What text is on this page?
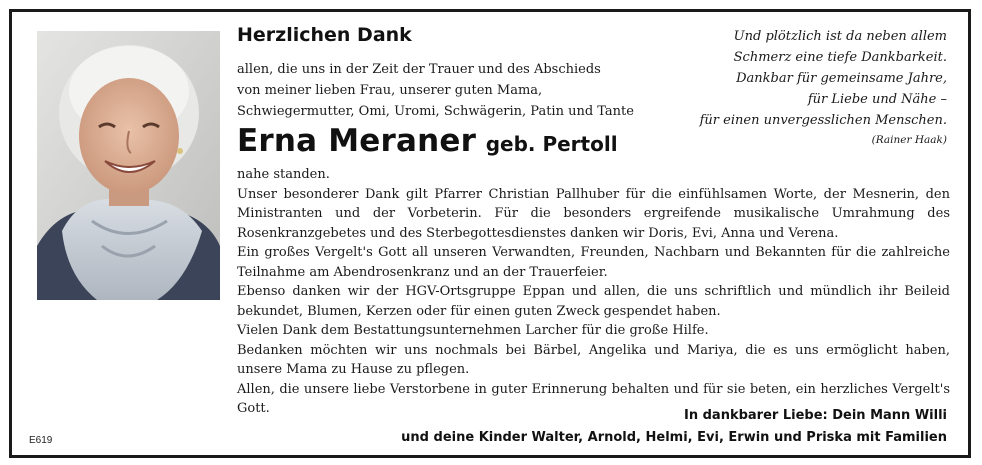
E619
Herzlichen Dank
allen, die uns in der Zeit der Trauer und des Abschieds
von meiner lieben Frau, unserer guten Mama,
Schwiegermutter, Omi, Uromi, Schwägerin, Patin und Tante
Erna Meraner geb. Pertoll
Und plötzlich ist da neben allem
Schmerz eine tiefe Dankbarkeit.
Dankbar für gemeinsame Jahre,
für Liebe und Nähe –
für einen unvergesslichen Menschen.
(Rainer Haak)

nahe standen.

Unser besonderer Dank gilt Pfarrer Christian Pallhuber für die einfühlsamen Worte, der Mesnerin, den Ministranten und der Vorbeterin. Für die besonders ergreifende musikalische Umrahmung des Rosenkranzgebetes und des Sterbegottesdienstes danken wir Doris, Evi, Anna und Verena.

Ein großes Vergelt's Gott all unseren Verwandten, Freunden, Nachbarn und Bekannten für die zahlreiche Teilnahme am Abendrosenkranz und an der Trauerfeier.

Ebenso danken wir der HGV-Ortsgruppe Eppan und allen, die uns schriftlich und mündlich ihr Beileid bekundet, Blumen, Kerzen oder für einen guten Zweck gespendet haben.

Vielen Dank dem Bestattungsunternehmen Larcher für die große Hilfe.

Bedanken möchten wir uns nochmals bei Bärbel, Angelika und Mariya, die es uns ermöglicht haben, unsere Mama zu Hause zu pflegen.

Allen, die unsere liebe Verstorbene in guter Erinnerung behalten und für sie beten, ein herzliches Vergelt's Gott.	In dankbarer Liebe: Dein Mann Willi
und deine Kinder Walter, Arnold, Helmi, Evi, Erwin und Priska mit Familien
